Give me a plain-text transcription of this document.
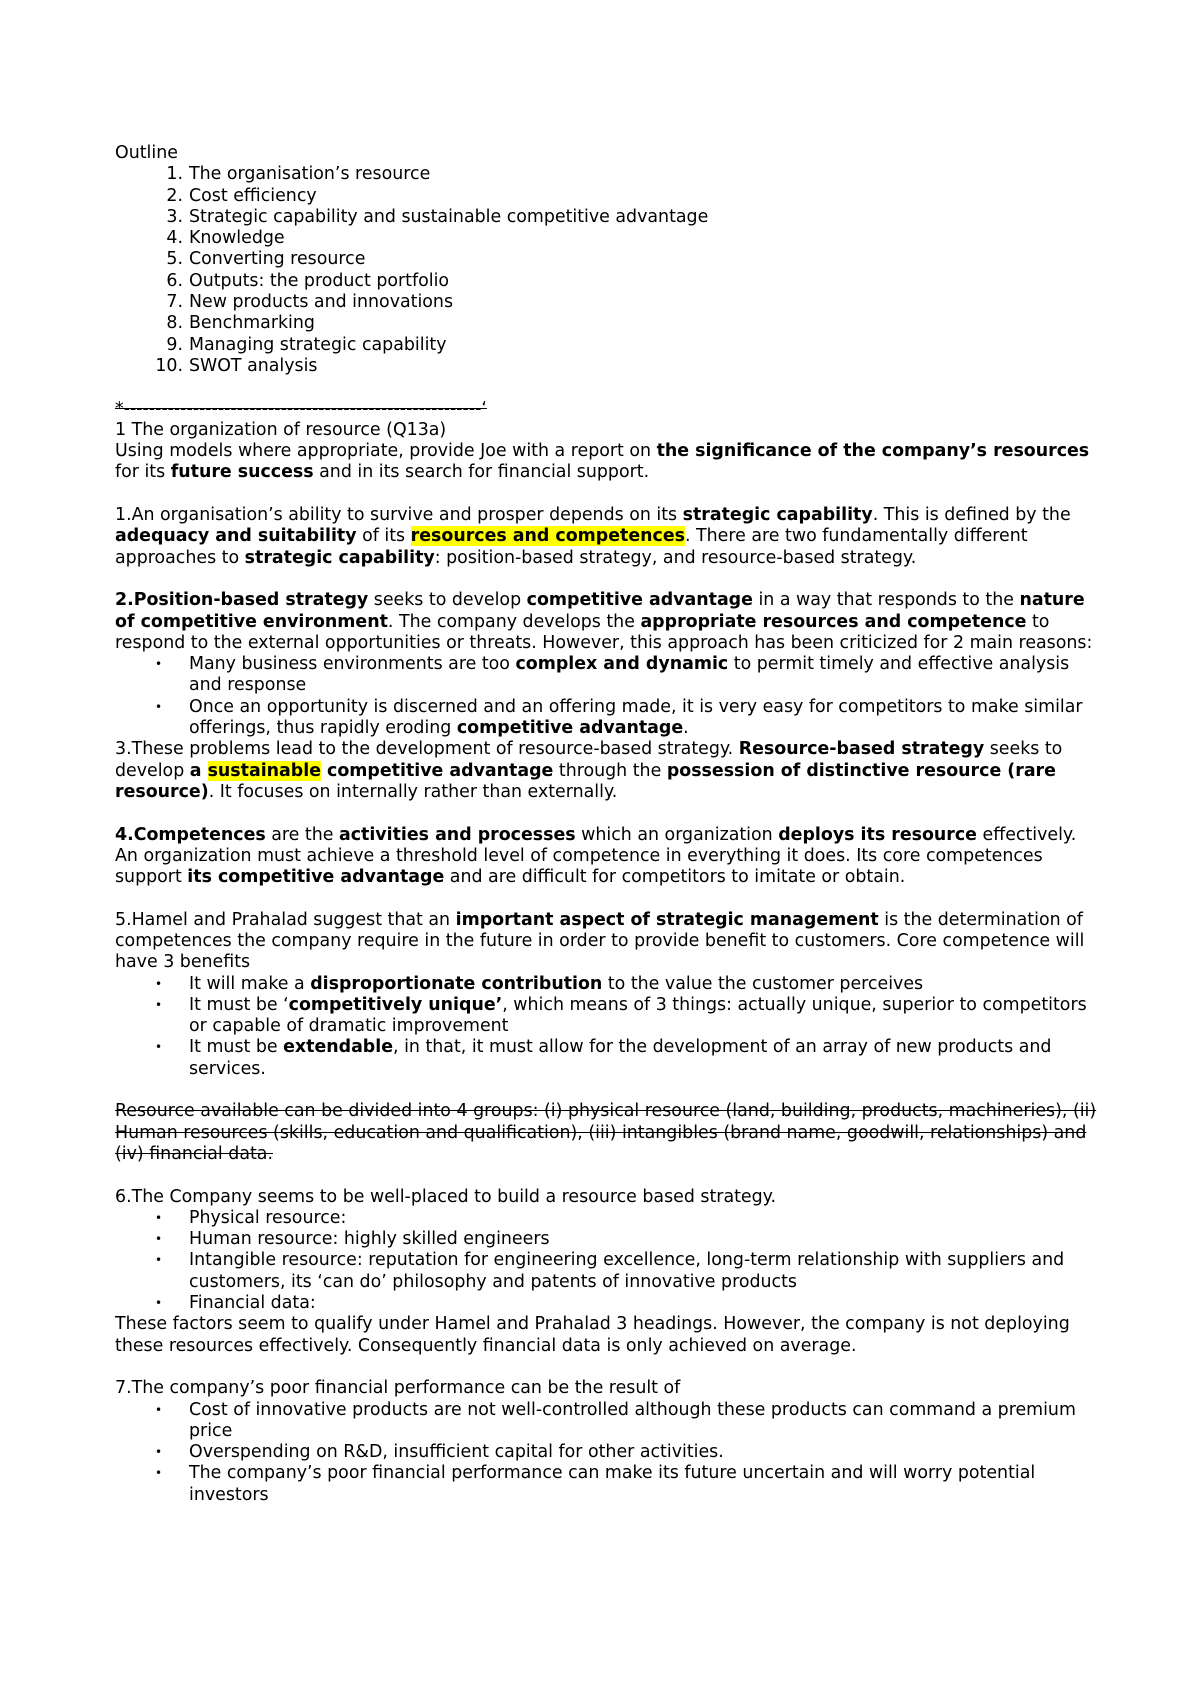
Outline

1. The organisation’s resource
2. Cost efficiency
3. Strategic capability and sustainable competitive advantage
4. Knowledge
5. Converting resource
6. Outputs: the product portfolio
7. New products and innovations
8. Benchmarking
9. Managing strategic capability
10. SWOT analysis

*---------------------------------------------------------‘

1 The organization of resource (Q13a)

Using models where appropriate, provide Joe with a report on the significance of the company’s resources for its future success and in its search for financial support.

1.An organisation’s ability to survive and prosper depends on its strategic capability. This is defined by the adequacy and suitability of its resources and competences. There are two fundamentally different approaches to strategic capability: position-based strategy, and resource-based strategy.

2.Position-based strategy seeks to develop competitive advantage in a way that responds to the nature of competitive environment. The company develops the appropriate resources and competence to respond to the external opportunities or threats. However, this approach has been criticized for 2 main reasons:

• Many business environments are too complex and dynamic to permit timely and effective analysis and response
• Once an opportunity is discerned and an offering made, it is very easy for competitors to make similar offerings, thus rapidly eroding competitive advantage.

3.These problems lead to the development of resource-based strategy. Resource-based strategy seeks to develop a sustainable competitive advantage through the possession of distinctive resource (rare resource). It focuses on internally rather than externally.

4.Competences are the activities and processes which an organization deploys its resource effectively. An organization must achieve a threshold level of competence in everything it does. Its core competences support its competitive advantage and are difficult for competitors to imitate or obtain.

5.Hamel and Prahalad suggest that an important aspect of strategic management is the determination of competences the company require in the future in order to provide benefit to customers. Core competence will have 3 benefits

• It will make a disproportionate contribution to the value the customer perceives
• It must be ‘competitively unique’, which means of 3 things: actually unique, superior to competitors or capable of dramatic improvement
• It must be extendable, in that, it must allow for the development of an array of new products and services.

Resource available can be divided into 4 groups: (i) physical resource (land, building, products, machineries), (ii) Human resources (skills, education and qualification), (iii) intangibles (brand name, goodwill, relationships) and (iv) financial data.

6.The Company seems to be well-placed to build a resource based strategy.

• Physical resource:
• Human resource: highly skilled engineers
• Intangible resource: reputation for engineering excellence, long-term relationship with suppliers and customers, its ‘can do’ philosophy and patents of innovative products
• Financial data:

These factors seem to qualify under Hamel and Prahalad 3 headings. However, the company is not deploying these resources effectively. Consequently financial data is only achieved on average.

7.The company’s poor financial performance can be the result of

• Cost of innovative products are not well-controlled although these products can command a premium price
• Overspending on R&D, insufficient capital for other activities.
• The company’s poor financial performance can make its future uncertain and will worry potential investors
